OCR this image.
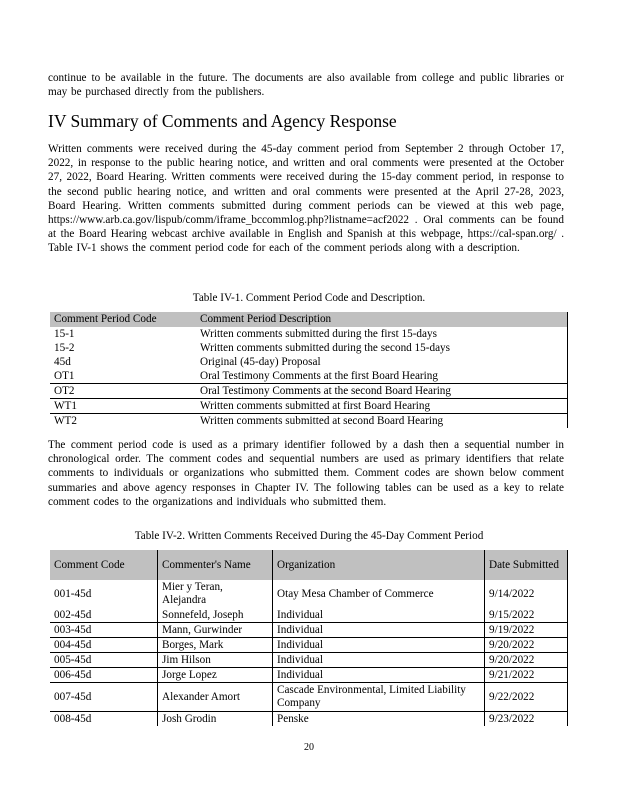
continue to be available in the future. The documents are also available from college and public libraries or may be purchased directly from the publishers.
IV Summary of Comments and Agency Response
Written comments were received during the 45-day comment period from September 2 through October 17, 2022, in response to the public hearing notice, and written and oral comments were presented at the October 27, 2022, Board Hearing. Written comments were received during the 15-day comment period, in response to the second public hearing notice, and written and oral comments were presented at the April 27-28, 2023, Board Hearing. Written comments submitted during comment periods can be viewed at this web page, https://www.arb.ca.gov/lispub/comm/iframe_bccommlog.php?listname=acf2022 . Oral comments can be found at the Board Hearing webcast archive available in English and Spanish at this webpage, https://cal-span.org/ . Table IV-1 shows the comment period code for each of the comment periods along with a description.
Table IV-1. Comment Period Code and Description.
Comment Period Code	Comment Period Description
15-1	Written comments submitted during the first 15-days
15-2	Written comments submitted during the second 15-days
45d	Original (45-day) Proposal
OT1	Oral Testimony Comments at the first Board Hearing
OT2	Oral Testimony Comments at the second Board Hearing
WT1	Written comments submitted at first Board Hearing
WT2	Written comments submitted at second Board Hearing
The comment period code is used as a primary identifier followed by a dash then a sequential number in chronological order. The comment codes and sequential numbers are used as primary identifiers that relate comments to individuals or organizations who submitted them. Comment codes are shown below comment summaries and above agency responses in Chapter IV. The following tables can be used as a key to relate comment codes to the organizations and individuals who submitted them.
Table IV-2. Written Comments Received During the 45-Day Comment Period
Comment Code	Commenter's Name	Organization	Date Submitted
001-45d	Mier y Teran, Alejandra	Otay Mesa Chamber of Commerce	9/14/2022
002-45d	Sonnefeld, Joseph	Individual	9/15/2022
003-45d	Mann, Gurwinder	Individual	9/19/2022
004-45d	Borges, Mark	Individual	9/20/2022
005-45d	Jim Hilson	Individual	9/20/2022
006-45d	Jorge Lopez	Individual	9/21/2022
007-45d	Alexander Amort	Cascade Environmental, Limited Liability Company	9/22/2022
008-45d	Josh Grodin	Penske	9/23/2022
20
